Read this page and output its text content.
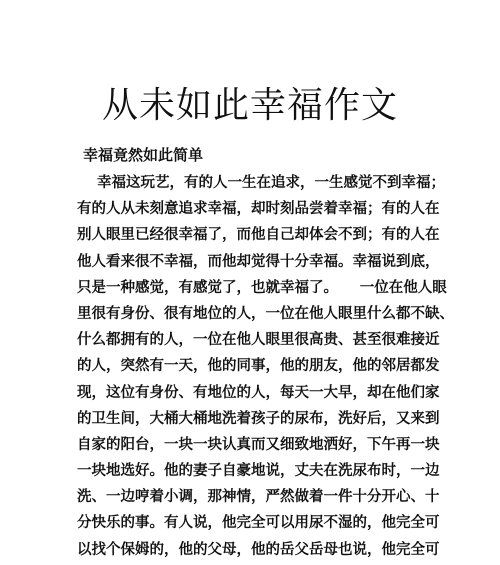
从未如此幸福作文
幸福竟然如此简单
幸福这玩艺，有的人一生在追求，一生感觉不到幸福；
有的人从未刻意追求幸福，却时刻品尝着幸福；有的人在
别人眼里已经很幸福了，而他自己却体会不到；有的人在
他人看来很不幸福，而他却觉得十分幸福。幸福说到底，
只是一种感觉，有感觉了，也就幸福了。　　一位在他人眼
里很有身份、很有地位的人，一位在他人眼里什么都不缺、
什么都拥有的人，一位在他人眼里很高贵、甚至很难接近
的人，突然有一天，他的同事，他的朋友，他的邻居都发
现，这位有身份、有地位的人，每天一大早，却在他们家
的卫生间，大桶大桶地洗着孩子的尿布，洗好后，又来到
自家的阳台，一块一块认真而又细致地洒好，下午再一块
一块地选好。他的妻子自豪地说，丈夫在洗尿布时，一边
洗、一边哼着小调，那神情，严然做着一件十分开心、十
分快乐的事。有人说，他完全可以用尿不湿的，他完全可
以找个保姆的，他的父母，他的岳父岳母也说，他完全可
